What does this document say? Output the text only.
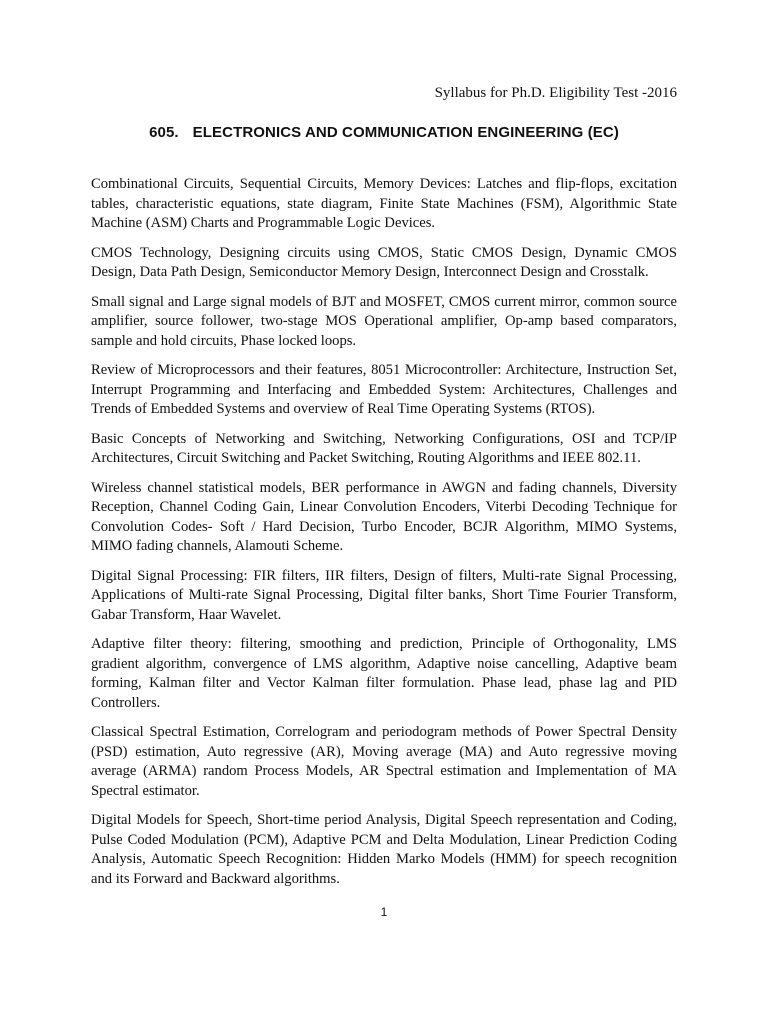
Syllabus for Ph.D. Eligibility Test -2016
605. ELECTRONICS AND COMMUNICATION ENGINEERING (EC)

Combinational Circuits, Sequential Circuits, Memory Devices: Latches and flip-flops, excitation tables, characteristic equations, state diagram, Finite State Machines (FSM), Algorithmic State Machine (ASM) Charts and Programmable Logic Devices.

CMOS Technology, Designing circuits using CMOS, Static CMOS Design, Dynamic CMOS Design, Data Path Design, Semiconductor Memory Design, Interconnect Design and Crosstalk.

Small signal and Large signal models of BJT and MOSFET, CMOS current mirror, common source amplifier, source follower, two-stage MOS Operational amplifier, Op-amp based comparators, sample and hold circuits, Phase locked loops.

Review of Microprocessors and their features, 8051 Microcontroller: Architecture, Instruction Set, Interrupt Programming and Interfacing and Embedded System: Architectures, Challenges and Trends of Embedded Systems and overview of Real Time Operating Systems (RTOS).

Basic Concepts of Networking and Switching, Networking Configurations, OSI and TCP/IP Architectures, Circuit Switching and Packet Switching, Routing Algorithms and IEEE 802.11.

Wireless channel statistical models, BER performance in AWGN and fading channels, Diversity Reception, Channel Coding Gain, Linear Convolution Encoders, Viterbi Decoding Technique for Convolution Codes- Soft / Hard Decision, Turbo Encoder, BCJR Algorithm, MIMO Systems, MIMO fading channels, Alamouti Scheme.

Digital Signal Processing: FIR filters, IIR filters, Design of filters, Multi-rate Signal Processing, Applications of Multi-rate Signal Processing, Digital filter banks, Short Time Fourier Transform, Gabar Transform, Haar Wavelet.

Adaptive filter theory: filtering, smoothing and prediction, Principle of Orthogonality, LMS gradient algorithm, convergence of LMS algorithm, Adaptive noise cancelling, Adaptive beam forming, Kalman filter and Vector Kalman filter formulation. Phase lead, phase lag and PID Controllers.

Classical Spectral Estimation, Correlogram and periodogram methods of Power Spectral Density (PSD) estimation, Auto regressive (AR), Moving average (MA) and Auto regressive moving average (ARMA) random Process Models, AR Spectral estimation and Implementation of MA Spectral estimator.

Digital Models for Speech, Short-time period Analysis, Digital Speech representation and Coding, Pulse Coded Modulation (PCM), Adaptive PCM and Delta Modulation, Linear Prediction Coding Analysis, Automatic Speech Recognition: Hidden Marko Models (HMM) for speech recognition and its Forward and Backward algorithms.

1
